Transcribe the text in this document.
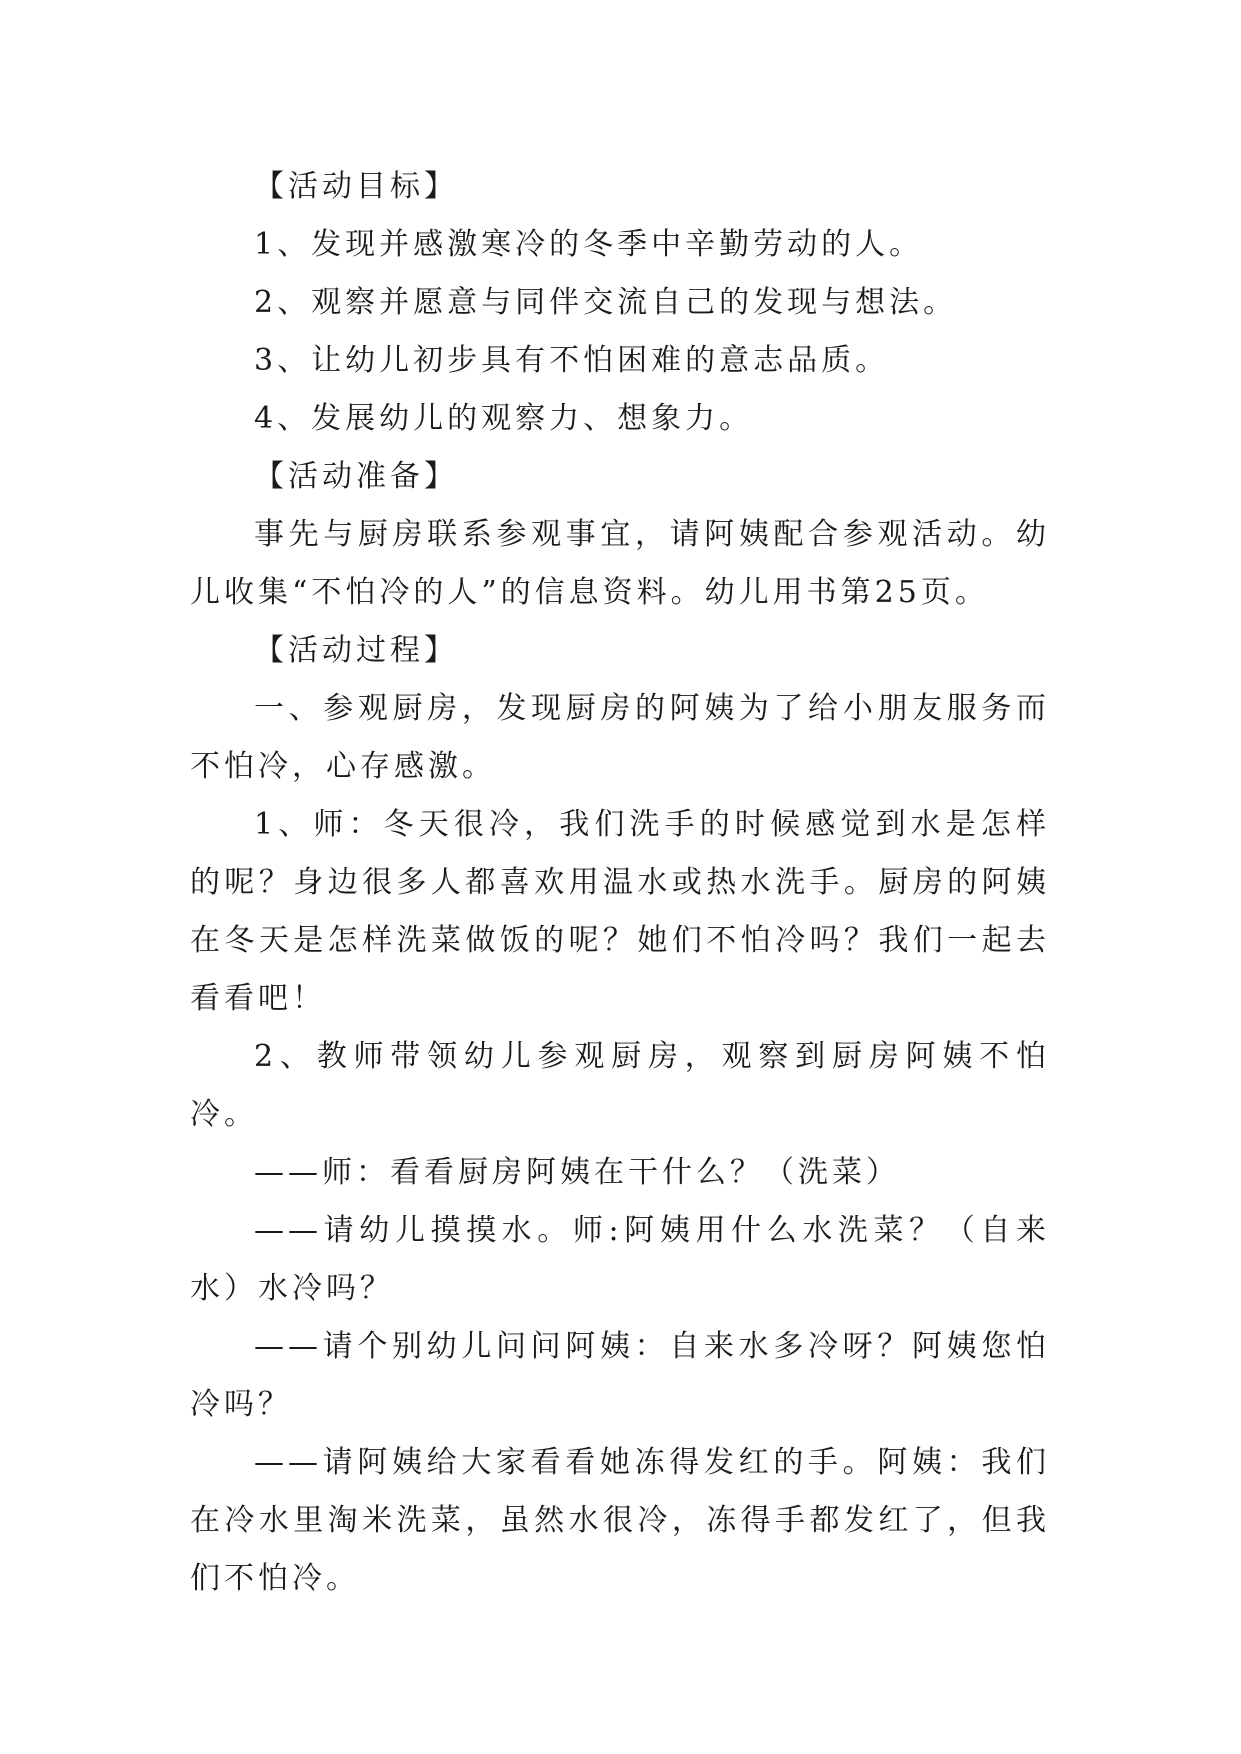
【活动目标】

1、发现并感激寒冷的冬季中辛勤劳动的人。

2、观察并愿意与同伴交流自己的发现与想法。

3、让幼儿初步具有不怕困难的意志品质。

4、发展幼儿的观察力、想象力。

【活动准备】

事先与厨房联系参观事宜，请阿姨配合参观活动。幼儿收集“不怕冷的人”的信息资料。幼儿用书第25页。

【活动过程】

一、参观厨房，发现厨房的阿姨为了给小朋友服务而不怕冷，心存感激。

1、师：冬天很冷，我们洗手的时候感觉到水是怎样的呢？身边很多人都喜欢用温水或热水洗手。厨房的阿姨在冬天是怎样洗菜做饭的呢？她们不怕冷吗？我们一起去看看吧！

2、教师带领幼儿参观厨房，观察到厨房阿姨不怕冷。

——师：看看厨房阿姨在干什么？（洗菜）

——请幼儿摸摸水。师:阿姨用什么水洗菜？（自来水）水冷吗？

——请个别幼儿问问阿姨：自来水多冷呀？阿姨您怕冷吗？

——请阿姨给大家看看她冻得发红的手。阿姨：我们在冷水里淘米洗菜，虽然水很冷，冻得手都发红了，但我们不怕冷。
